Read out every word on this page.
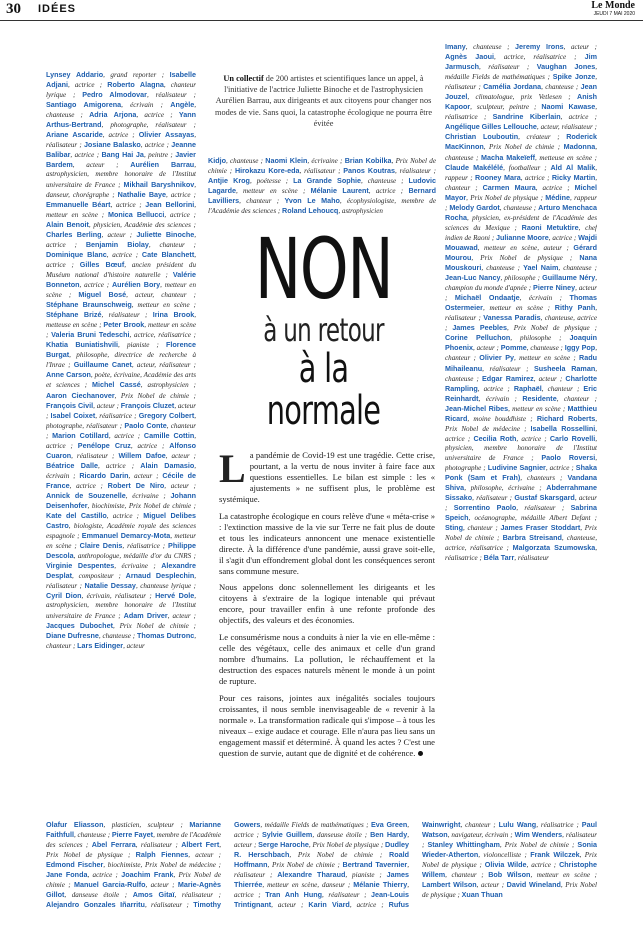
30 IDÉES	Le Monde
JEUDI 7 MAI 2020
Lynsey Addario, grand reporter ; Isabelle Adjani, actrice ; Roberto Alagna, chanteur lyrique ; Pedro Almodovar, réalisateur ; Santiago Amigorena, écrivain ; Angèle, chanteuse ; Adria Arjona, actrice ; Yann Arthus-Bertrand, photographe, réalisateur ; Ariane Ascaride, actrice ; Olivier Assayas, réalisateur ; Josiane Balasko, actrice ; Jeanne Balibar, actrice ; Bang Hai Ja, peintre ; Javier Bardem, acteur ; Aurélien Barrau, astrophysicien, membre honoraire de l'Institut universitaire de France ; Mikhail Baryshnikov, danseur, chorégraphe ; Nathalie Baye, actrice ; Emmanuelle Béart, actrice ; Jean Bellorini, metteur en scène ; Monica Bellucci, actrice ; Alain Benoit, physicien, Académie des sciences ; Charles Berling, acteur ; Juliette Binoche, actrice ; Benjamin Biolay, chanteur ; Dominique Blanc, actrice ; Cate Blanchett, actrice ; Gilles Bœuf, ancien président du Muséum national d'histoire naturelle ; Valérie Bonneton, actrice ; Aurélien Bory, metteur en scène ; Miguel Bosé, acteur, chanteur ; Stéphane Braunschweig, metteur en scène ; Stéphane Brizé, réalisateur ; Irina Brook, metteuse en scène ; Peter Brook, metteur en scène ; Valeria Bruni Tedeschi, actrice, réalisatrice ; Khatia Buniatishvili, pianiste ; Florence Burgat, philosophe, directrice de recherche à l'Inrae ; Guillaume Canet, acteur, réalisateur ; Anne Carson, poète, écrivaine, Académie des arts et sciences ; Michel Cassé, astrophysicien ; Aaron Ciechanover, Prix Nobel de chimie ; François Civil, acteur ; François Cluzet, acteur ; Isabel Coixet, réalisatrice ; Gregory Colbert, photographe, réalisateur ; Paolo Conte, chanteur ; Marion Cotillard, actrice ; Camille Cottin, actrice ; Penélope Cruz, actrice ; Alfonso Cuaron, réalisateur ; Willem Dafoe, acteur ; Béatrice Dalle, actrice ; Alain Damasio, écrivain ; Ricardo Darin, acteur ; Cécile de France, actrice ; Robert De Niro, acteur ; Annick de Souzenelle, écrivaine ; Johann Deisenhofer, biochimiste, Prix Nobel de chimie ; Kate del Castillo, actrice ; Miguel Delibes Castro, biologiste, Académie royale des sciences espagnole ; Emmanuel Demarcy-Mota, metteur en scène ; Claire Denis, réalisatrice ; Philippe Descola, anthropologue, médaille d'or du CNRS ; Virginie Despentes, écrivaine ; Alexandre Desplat, compositeur ; Arnaud Desplechin, réalisateur ; Natalie Dessay, chanteuse lyrique ; Cyril Dion, écrivain, réalisateur ; Hervé Dole, astrophysicien, membre honoraire de l'Institut universitaire de France ; Adam Driver, acteur ; Jacques Dubochet, Prix Nobel de chimie ; Diane Dufresne, chanteuse ; Thomas Dutronc, chanteur ; Lars Eidinger, acteur
Imany, chanteuse ; Jeremy Irons, acteur ; Agnès Jaoui, actrice, réalisatrice ; Jim Jarmusch, réalisateur ; Vaughan Jones, médaille Fields de mathématiques ; Spike Jonze, réalisateur ; Camélia Jordana, chanteuse ; Jean Jouzel, climatologue, prix Vetlesen ; Anish Kapoor, sculpteur, peintre ; Naomi Kawase, réalisatrice ; Sandrine Kiberlain, actrice ; Angélique Gilles Lellouche, acteur, réalisateur ; Christian Louboutin, créateur ; Roderick MacKinnon, Prix Nobel de chimie ; Madonna, chanteuse ; Macha Makeïeff, metteuse en scène ; Claude Makélélé, footballeur ; Ald Al Malik, rappeur ; Rooney Mara, actrice ; Ricky Martin, chanteur ; Carmen Maura, actrice ; Michel Mayor, Prix Nobel de physique ; Médine, rappeur ; Melody Gardot, chanteuse ; Arturo Menchaca Rocha, physicien, ex-président de l'Académie des sciences du Mexique ; Raoni Metuktire, chef indien de Raoni ; Julianne Moore, actrice ; Wajdi Mouawad, metteur en scène, auteur ; Gérard Mourou, Prix Nobel de physique ; Nana Mouskouri, chanteuse ; Yael Naim, chanteuse ; Jean-Luc Nancy, philosophe ; Guillaume Néry, champion du monde d'apnée ; Pierre Niney, acteur ; Michaël Ondaatje, écrivain ; Thomas Ostermeier, metteur en scène ; Rithy Panh, réalisateur ; Vanessa Paradis, chanteuse, actrice ; James Peebles, Prix Nobel de physique ; Corine Pelluchon, philosophe ; Joaquin Phoenix, acteur ; Pomme, chanteuse ; Iggy Pop, chanteur ; Olivier Py, metteur en scène ; Radu Mihaileanu, réalisateur ; Susheela Raman, chanteuse ; Edgar Ramirez, acteur ; Charlotte Rampling, actrice ; Raphaël, chanteur ; Eric Reinhardt, écrivain ; Residente, chanteur ; Jean-Michel Ribes, metteur en scène ; Matthieu Ricard, moine bouddhiste ; Richard Roberts, Prix Nobel de médecine ; Isabella Rossellini, actrice ; Cecilia Roth, actrice ; Carlo Rovelli, physicien, membre honoraire de l'Institut universitaire de France ; Paolo Roversi, photographe ; Ludivine Sagnier, actrice ; Shaka Ponk (Sam et Frah), chanteurs ; Vandana Shiva, philosophe, écrivaine ; Abderrahmane Sissako, réalisateur ; Gustaf Skarsgard, acteur ; Sorrentino Paolo, réalisateur ; Sabrina Speich, océanographe, médaille Albert Defant ; Sting, chanteur ; James Fraser Stoddart, Prix Nobel de chimie ; Barbra Streisand, chanteuse, actrice, réalisatrice ; Malgorzata Szumowska, réalisatrice ; Béla Tarr, réalisateur
Kidjo, chanteuse ; Naomi Klein, écrivaine ; Brian Kobilka, Prix Nobel de chimie ; Hirokazu Kore-eda, réalisateur ; Panos Koutras, réalisateur ; Antjie Krog, poétesse ; La Grande Sophie, chanteuse ; Ludovic Lagarde, metteur en scène ; Mélanie Laurent, actrice ; Bernard Lavilliers, chanteur ; Yvon Le Maho, écophysiologiste, membre de l'Académie des sciences ; Roland Lehoucq, astrophysicien
Olafur Eliasson, plasticien, sculpteur ; Marianne Faithfull, chanteuse ; Pierre Fayet, membre de l'Académie des sciences ; Abel Ferrara, réalisateur ; Albert Fert, Prix Nobel de physique ; Ralph Fiennes, acteur ; Edmond Fischer, biochimiste, Prix Nobel de médecine ; Jane Fonda, actrice ; Joachim Frank, Prix Nobel de chimie ; Manuel Garcia-Rulfo, acteur ; Marie-Agnès Gillot, danseuse étoile ; Amos Gitaï, réalisateur ; Alejandro Gonzales Iñarritu, réalisateur ; Timothy Gowers, médaille Fields de mathématiques ; Eva Green, actrice ; Sylvie Guillem, danseuse étoile ; Ben Hardy, acteur ; Serge Haroche, Prix Nobel de physique ; Dudley R. Herschbach, Prix Nobel de chimie ; Roald Hoffmann, Prix Nobel de chimie ; Bertrand Tavernier, réalisateur ; Alexandre Tharaud, pianiste ; James Thierrée, metteur en scène, danseur ; Mélanie Thierry, actrice ; Tran Anh Hung, réalisateur ; Jean-Louis Trintignant, acteur ; Karin Viard, actrice ; Rufus Wainwright, chanteur ; Lulu Wang, réalisatrice ; Paul Watson, navigateur, écrivain ; Wim Wenders, réalisateur ; Stanley Whittingham, Prix Nobel de chimie ; Sonia Wieder-Atherton, violoncelliste ; Frank Wilczek, Prix Nobel de physique ; Olivia Wilde, actrice ; Christophe Willem, chanteur ; Bob Wilson, metteur en scène ; Lambert Wilson, acteur ; David Wineland, Prix Nobel de physique ; Xuan Thuan
Un collectif de 200 artistes et scientifiques lance un appel, à l'initiative de l'actrice Juliette Binoche et de l'astrophysicien Aurélien Barrau, aux dirigeants et aux citoyens pour changer nos modes de vie. Sans quoi, la catastrophe écologique ne pourra être évitée
NON
à un retour
à la normale

La pandémie de Covid-19 est une tragédie. Cette crise, pourtant, a la vertu de nous inviter à faire face aux questions essentielles. Le bilan est simple : les « ajustements » ne suffisent plus, le problème est systémique.

La catastrophe écologique en cours relève d'une « méta-crise » : l'extinction massive de la vie sur Terre ne fait plus de doute et tous les indicateurs annoncent une menace existentielle directe. À la différence d'une pandémie, aussi grave soit-elle, il s'agit d'un effondrement global dont les conséquences seront sans commune mesure.

Nous appelons donc solennellement les dirigeants et les citoyens à s'extraire de la logique intenable qui prévaut encore, pour travailler enfin à une refonte profonde des objectifs, des valeurs et des économies.

Le consumérisme nous a conduits à nier la vie en elle-même : celle des végétaux, celle des animaux et celle d'un grand nombre d'humains. La pollution, le réchauffement et la destruction des espaces naturels mènent le monde à un point de rupture.

Pour ces raisons, jointes aux inégalités sociales toujours croissantes, il nous semble inenvisageable de « revenir à la normale ». La transformation radicale qui s'impose – à tous les niveaux – exige audace et courage. Elle n'aura pas lieu sans un engagement massif et déterminé. À quand les actes ? C'est une question de survie, autant que de dignité et de cohérence.
